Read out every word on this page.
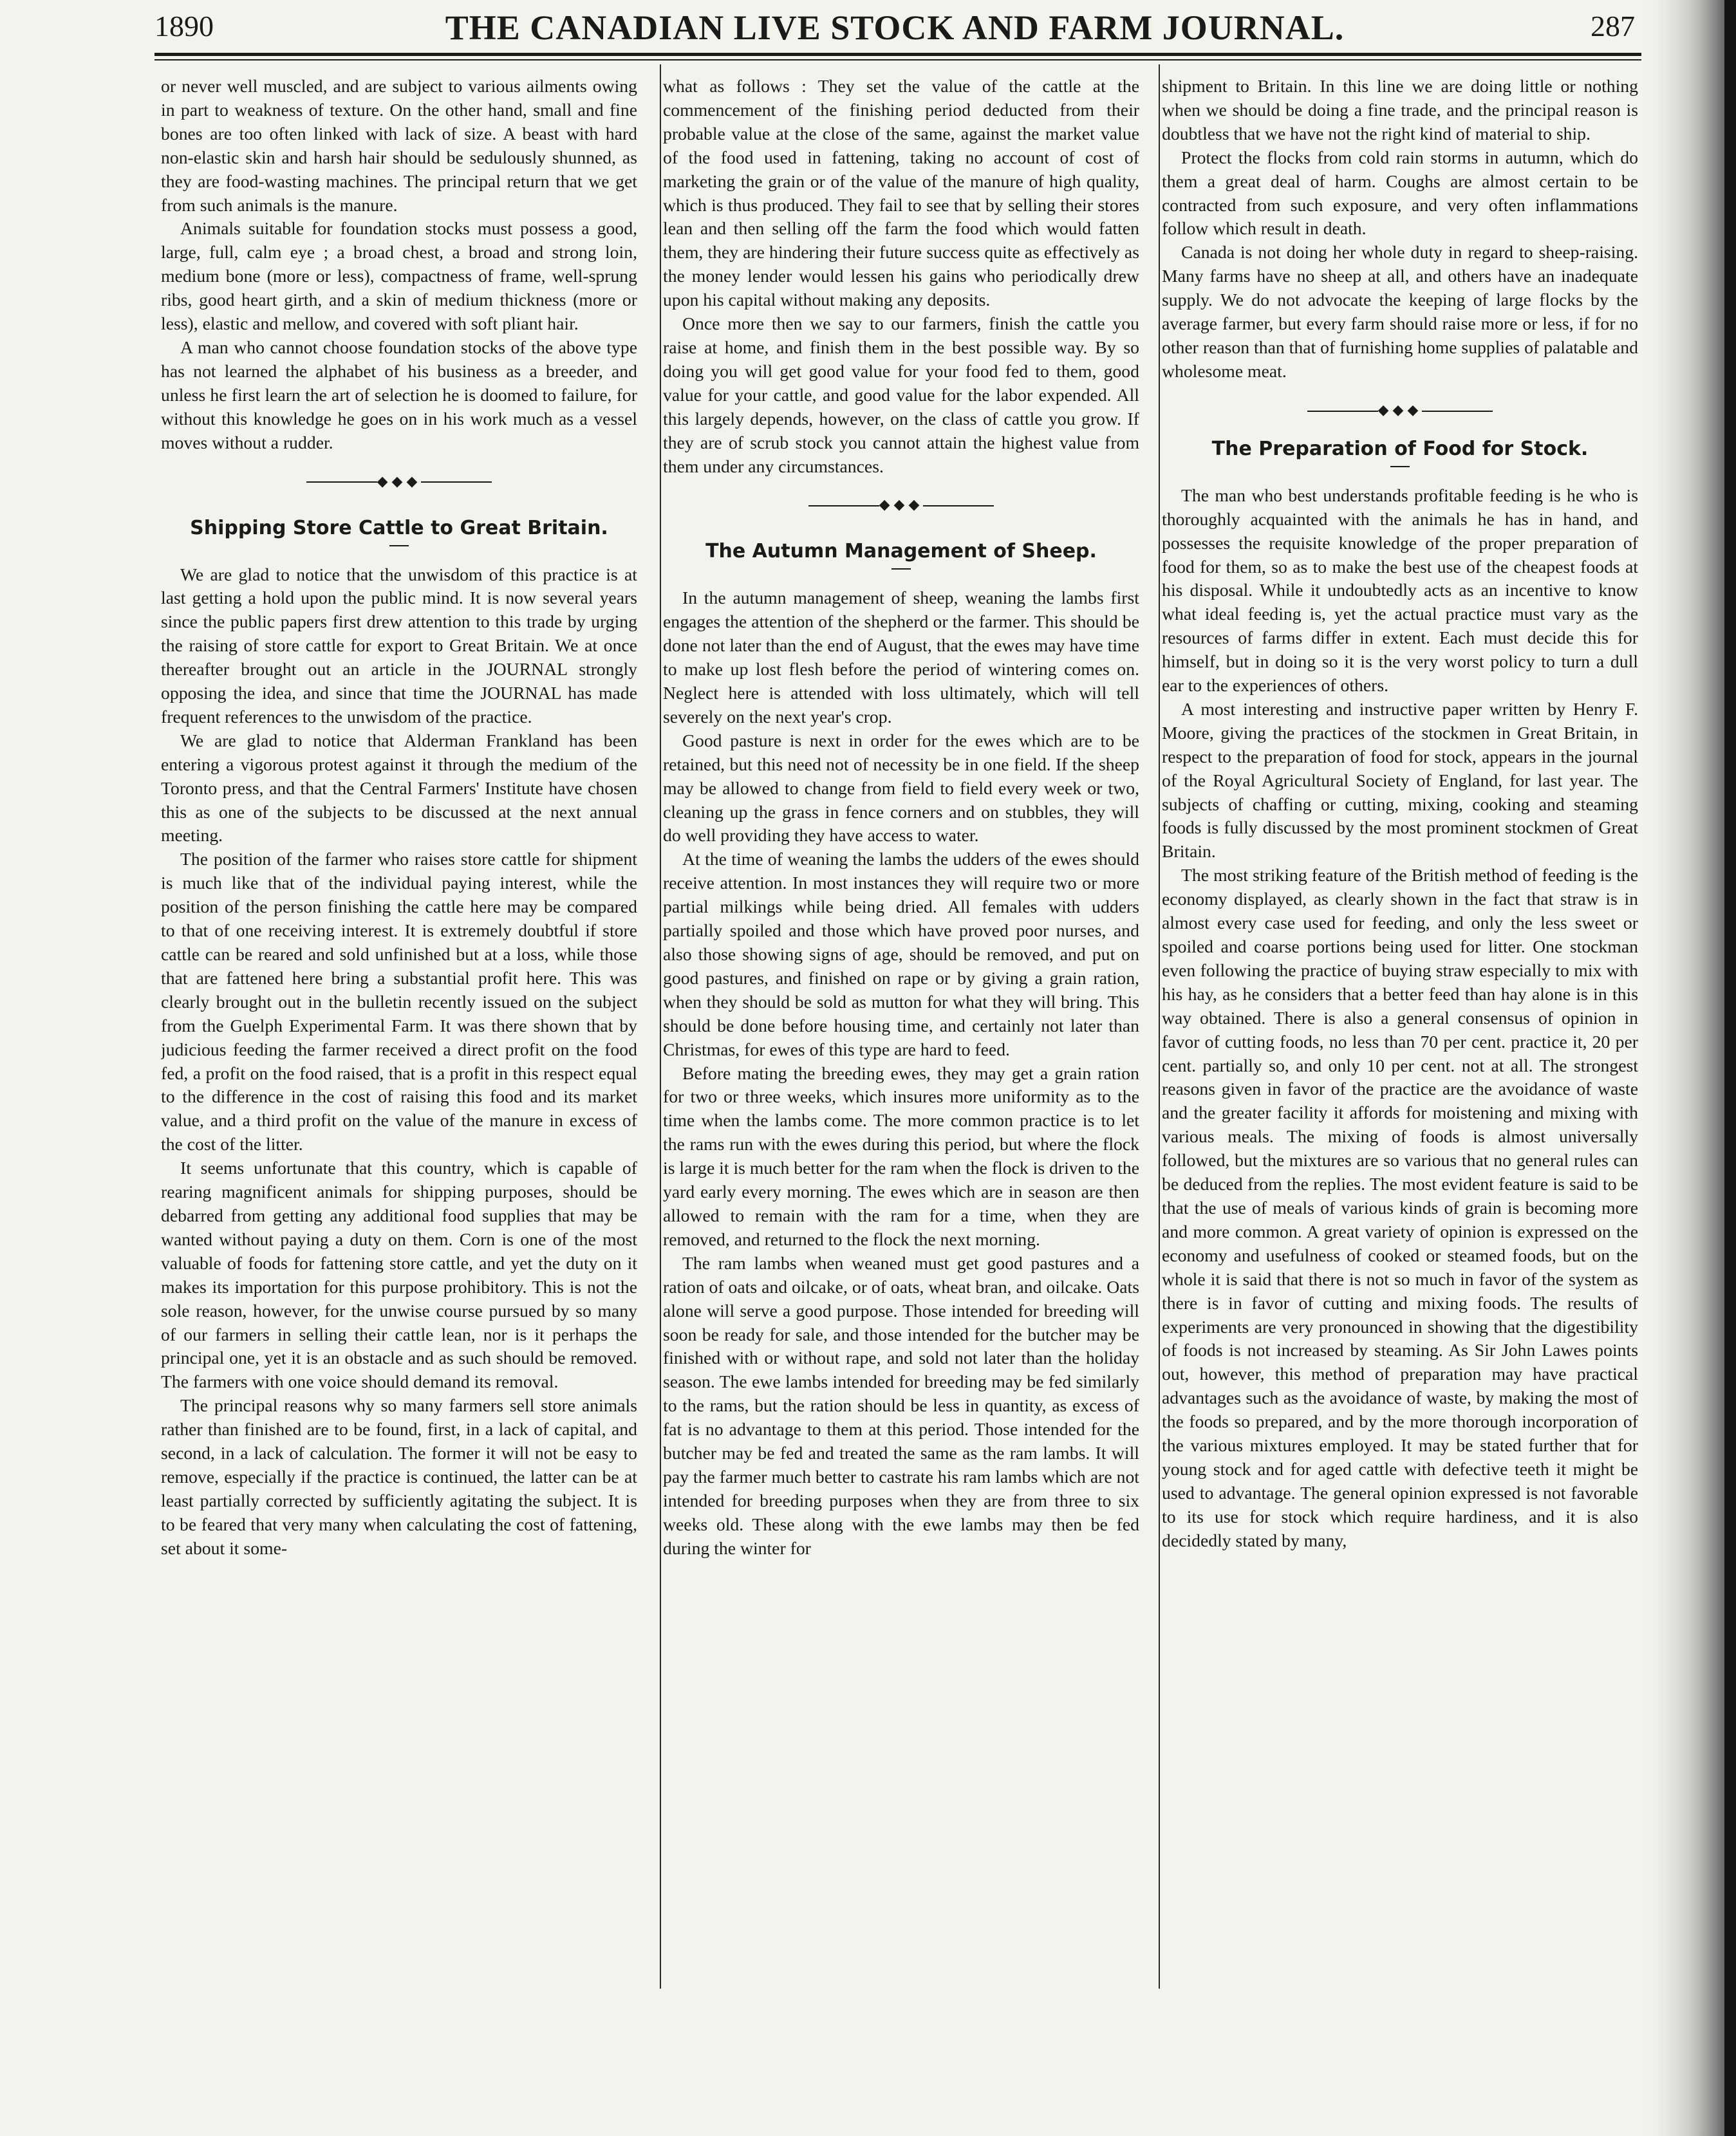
1890	THE CANADIAN LIVE STOCK AND FARM JOURNAL.	287

or never well muscled, and are subject to various ailments owing in part to weakness of texture. On the other hand, small and fine bones are too often linked with lack of size. A beast with hard non-elastic skin and harsh hair should be sedulously shunned, as they are food-wasting machines. The principal return that we get from such animals is the manure.

Animals suitable for foundation stocks must possess a good, large, full, calm eye ; a broad chest, a broad and strong loin, medium bone (more or less), compactness of frame, well-sprung ribs, good heart girth, and a skin of medium thickness (more or less), elastic and mellow, and covered with soft pliant hair.

A man who cannot choose foundation stocks of the above type has not learned the alphabet of his business as a breeder, and unless he first learn the art of selection he is doomed to failure, for without this knowledge he goes on in his work much as a vessel moves without a rudder.

◆◆◆
Shipping Store Cattle to Great Britain.

We are glad to notice that the unwisdom of this practice is at last getting a hold upon the public mind. It is now several years since the public papers first drew attention to this trade by urging the raising of store cattle for export to Great Britain. We at once thereafter brought out an article in the JOURNAL strongly opposing the idea, and since that time the JOURNAL has made frequent references to the unwisdom of the practice.

We are glad to notice that Alderman Frankland has been entering a vigorous protest against it through the medium of the Toronto press, and that the Central Farmers' Institute have chosen this as one of the subjects to be discussed at the next annual meeting.

The position of the farmer who raises store cattle for shipment is much like that of the individual paying interest, while the position of the person finishing the cattle here may be compared to that of one receiving interest. It is extremely doubtful if store cattle can be reared and sold unfinished but at a loss, while those that are fattened here bring a substantial profit here. This was clearly brought out in the bulletin recently issued on the subject from the Guelph Experimental Farm. It was there shown that by judicious feeding the farmer received a direct profit on the food fed, a profit on the food raised, that is a profit in this respect equal to the difference in the cost of raising this food and its market value, and a third profit on the value of the manure in excess of the cost of the litter.

It seems unfortunate that this country, which is capable of rearing magnificent animals for shipping purposes, should be debarred from getting any additional food supplies that may be wanted without paying a duty on them. Corn is one of the most valuable of foods for fattening store cattle, and yet the duty on it makes its importation for this purpose prohibitory. This is not the sole reason, however, for the unwise course pursued by so many of our farmers in selling their cattle lean, nor is it perhaps the principal one, yet it is an obstacle and as such should be removed. The farmers with one voice should demand its removal.

The principal reasons why so many farmers sell store animals rather than finished are to be found, first, in a lack of capital, and second, in a lack of calculation. The former it will not be easy to remove, especially if the practice is continued, the latter can be at least partially corrected by sufficiently agitating the subject. It is to be feared that very many when calculating the cost of fattening, set about it some-

what as follows : They set the value of the cattle at the commencement of the finishing period deducted from their probable value at the close of the same, against the market value of the food used in fattening, taking no account of cost of marketing the grain or of the value of the manure of high quality, which is thus produced. They fail to see that by selling their stores lean and then selling off the farm the food which would fatten them, they are hindering their future success quite as effectively as the money lender would lessen his gains who periodically drew upon his capital without making any deposits.

Once more then we say to our farmers, finish the cattle you raise at home, and finish them in the best possible way. By so doing you will get good value for your food fed to them, good value for your cattle, and good value for the labor expended. All this largely depends, however, on the class of cattle you grow. If they are of scrub stock you cannot attain the highest value from them under any circumstances.

◆◆◆
The Autumn Management of Sheep.

In the autumn management of sheep, weaning the lambs first engages the attention of the shepherd or the farmer. This should be done not later than the end of August, that the ewes may have time to make up lost flesh before the period of wintering comes on. Neglect here is attended with loss ultimately, which will tell severely on the next year's crop.

Good pasture is next in order for the ewes which are to be retained, but this need not of necessity be in one field. If the sheep may be allowed to change from field to field every week or two, cleaning up the grass in fence corners and on stubbles, they will do well providing they have access to water.

At the time of weaning the lambs the udders of the ewes should receive attention. In most instances they will require two or more partial milkings while being dried. All females with udders partially spoiled and those which have proved poor nurses, and also those showing signs of age, should be removed, and put on good pastures, and finished on rape or by giving a grain ration, when they should be sold as mutton for what they will bring. This should be done before housing time, and certainly not later than Christmas, for ewes of this type are hard to feed.

Before mating the breeding ewes, they may get a grain ration for two or three weeks, which insures more uniformity as to the time when the lambs come. The more common practice is to let the rams run with the ewes during this period, but where the flock is large it is much better for the ram when the flock is driven to the yard early every morning. The ewes which are in season are then allowed to remain with the ram for a time, when they are removed, and returned to the flock the next morning.

The ram lambs when weaned must get good pastures and a ration of oats and oilcake, or of oats, wheat bran, and oilcake. Oats alone will serve a good purpose. Those intended for breeding will soon be ready for sale, and those intended for the butcher may be finished with or without rape, and sold not later than the holiday season. The ewe lambs intended for breeding may be fed similarly to the rams, but the ration should be less in quantity, as excess of fat is no advantage to them at this period. Those intended for the butcher may be fed and treated the same as the ram lambs. It will pay the farmer much better to castrate his ram lambs which are not intended for breeding purposes when they are from three to six weeks old. These along with the ewe lambs may then be fed during the winter for

shipment to Britain. In this line we are doing little or nothing when we should be doing a fine trade, and the principal reason is doubtless that we have not the right kind of material to ship.

Protect the flocks from cold rain storms in autumn, which do them a great deal of harm. Coughs are almost certain to be contracted from such exposure, and very often inflammations follow which result in death.

Canada is not doing her whole duty in regard to sheep-raising. Many farms have no sheep at all, and others have an inadequate supply. We do not advocate the keeping of large flocks by the average farmer, but every farm should raise more or less, if for no other reason than that of furnishing home supplies of palatable and wholesome meat.

◆◆◆
The Preparation of Food for Stock.

The man who best understands profitable feeding is he who is thoroughly acquainted with the animals he has in hand, and possesses the requisite knowledge of the proper preparation of food for them, so as to make the best use of the cheapest foods at his disposal. While it undoubtedly acts as an incentive to know what ideal feeding is, yet the actual practice must vary as the resources of farms differ in extent. Each must decide this for himself, but in doing so it is the very worst policy to turn a dull ear to the experiences of others.

A most interesting and instructive paper written by Henry F. Moore, giving the practices of the stockmen in Great Britain, in respect to the preparation of food for stock, appears in the journal of the Royal Agricultural Society of England, for last year. The subjects of chaffing or cutting, mixing, cooking and steaming foods is fully discussed by the most prominent stockmen of Great Britain.

The most striking feature of the British method of feeding is the economy displayed, as clearly shown in the fact that straw is in almost every case used for feeding, and only the less sweet or spoiled and coarse portions being used for litter. One stockman even following the practice of buying straw especially to mix with his hay, as he considers that a better feed than hay alone is in this way obtained. There is also a general consensus of opinion in favor of cutting foods, no less than 70 per cent. practice it, 20 per cent. partially so, and only 10 per cent. not at all. The strongest reasons given in favor of the practice are the avoidance of waste and the greater facility it affords for moistening and mixing with various meals. The mixing of foods is almost universally followed, but the mixtures are so various that no general rules can be deduced from the replies. The most evident feature is said to be that the use of meals of various kinds of grain is becoming more and more common. A great variety of opinion is expressed on the economy and usefulness of cooked or steamed foods, but on the whole it is said that there is not so much in favor of the system as there is in favor of cutting and mixing foods. The results of experiments are very pronounced in showing that the digestibility of foods is not increased by steaming. As Sir John Lawes points out, however, this method of preparation may have practical advantages such as the avoidance of waste, by making the most of the foods so prepared, and by the more thorough incorporation of the various mixtures employed. It may be stated further that for young stock and for aged cattle with defective teeth it might be used to advantage. The general opinion expressed is not favorable to its use for stock which require hardiness, and it is also decidedly stated by many,
